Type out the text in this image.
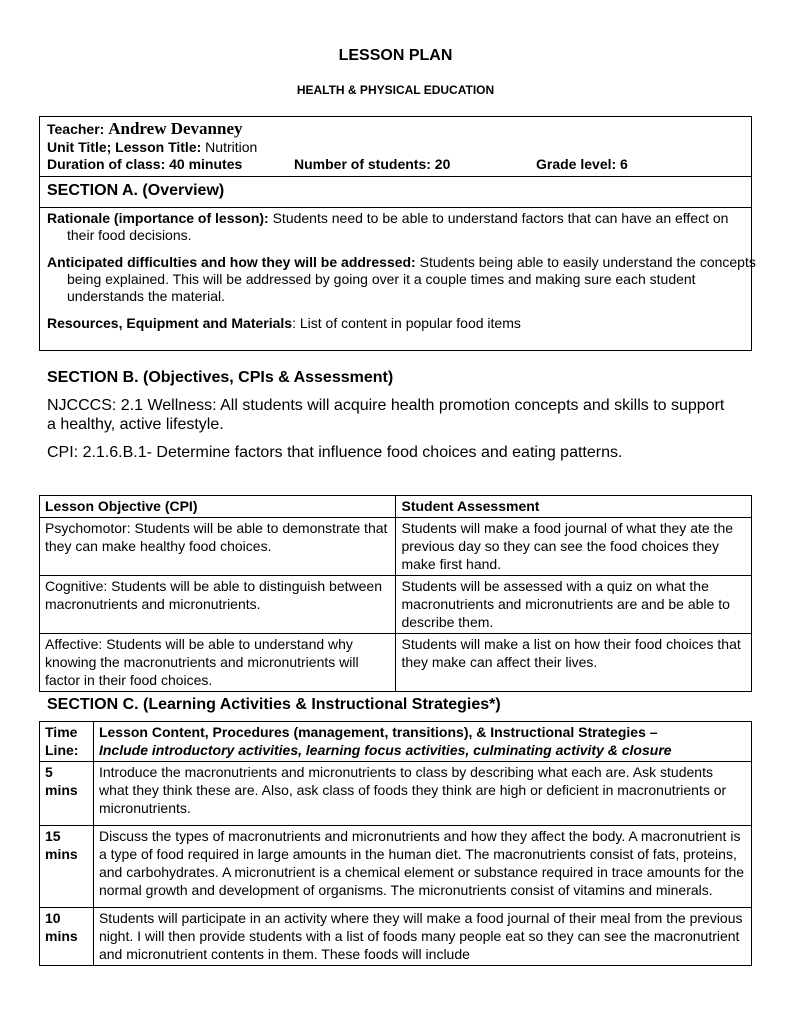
LESSON PLAN
HEALTH & PHYSICAL EDUCATION
Teacher: Andrew Devanney
Unit Title; Lesson Title: Nutrition
Duration of class: 40 minutes	Number of students: 20	Grade level: 6
SECTION A. (Overview)
Rationale (importance of lesson): Students need to be able to understand factors that can have an effect on their food decisions.
Anticipated difficulties and how they will be addressed: Students being able to easily understand the concepts being explained. This will be addressed by going over it a couple times and making sure each student understands the material.
Resources, Equipment and Materials: List of content in popular food items
SECTION B. (Objectives, CPIs & Assessment)
NJCCCS: 2.1 Wellness: All students will acquire health promotion concepts and skills to support a healthy, active lifestyle.
CPI: 2.1.6.B.1- Determine factors that influence food choices and eating patterns.
Lesson Objective (CPI)	Student Assessment
Psychomotor: Students will be able to demonstrate that they can make healthy food choices.	Students will make a food journal of what they ate the previous day so they can see the food choices they make first hand.
Cognitive: Students will be able to distinguish between macronutrients and micronutrients.	Students will be assessed with a quiz on what the macronutrients and micronutrients are and be able to describe them.
Affective: Students will be able to understand why knowing the macronutrients and micronutrients will factor in their food choices.	Students will make a list on how their food choices that they make can affect their lives.
SECTION C. (Learning Activities & Instructional Strategies*)
Time Line:	Lesson Content, Procedures (management, transitions), & Instructional Strategies –
Include introductory activities, learning focus activities, culminating activity & closure
5 mins	Introduce the macronutrients and micronutrients to class by describing what each are. Ask students what they think these are. Also, ask class of foods they think are high or deficient in macronutrients or micronutrients.
15 mins	Discuss the types of macronutrients and micronutrients and how they affect the body. A macronutrient is a type of food required in large amounts in the human diet. The macronutrients consist of fats, proteins, and carbohydrates. A micronutrient is a chemical element or substance required in trace amounts for the normal growth and development of organisms. The micronutrients consist of vitamins and minerals.
10 mins	Students will participate in an activity where they will make a food journal of their meal from the previous night. I will then provide students with a list of foods many people eat so they can see the macronutrient and micronutrient contents in them. These foods will include
